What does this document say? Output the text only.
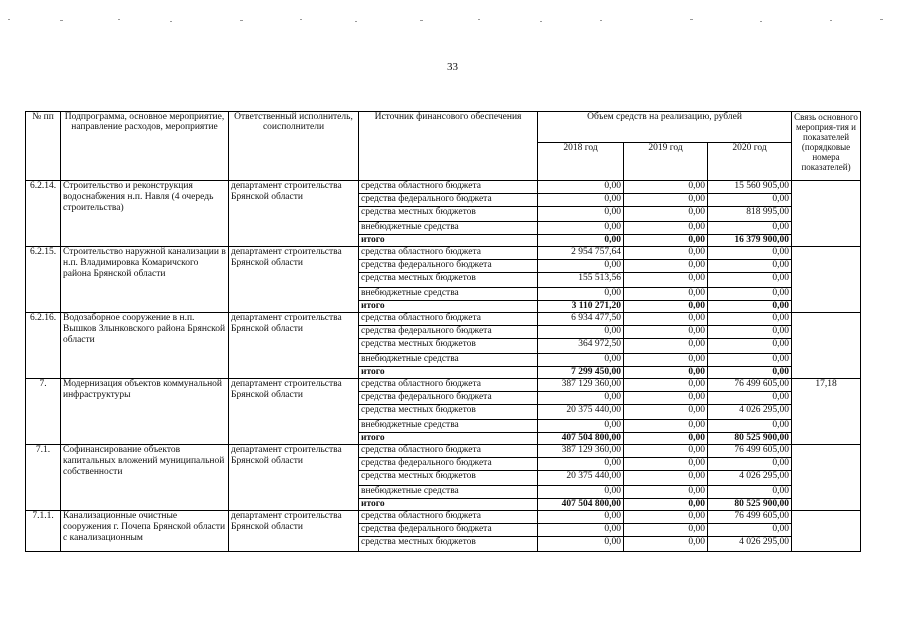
33
№ пп	Подпрограмма, основное мероприятие, направление расходов, мероприятие	Ответственный исполнитель, соисполнители	Источник финансового обеспечения	Объем средств на реализацию, рублей			Связь основного мероприя-тия и показателей (порядковые номера показателей)
				2018 год	2019 год	2020 год	
6.2.14.	Строительство и реконструкция водоснабжения н.п. Навля (4 очередь строительства)	департамент строительства Брянской области	средства областного бюджета	0,00	0,00	15 560 905,00	
			средства федерального бюджета	0,00	0,00	0,00	
			средства местных бюджетов	0,00	0,00	818 995,00	
			внебюджетные средства	0,00	0,00	0,00	
			итого	0,00	0,00	16 379 900,00	
6.2.15.	Строительство наружной канализации в н.п. Владимировка Комаричского района Брянской области	департамент строительства Брянской области	средства областного бюджета	2 954 757,64	0,00	0,00	
			средства федерального бюджета	0,00	0,00	0,00	
			средства местных бюджетов	155 513,56	0,00	0,00	
			внебюджетные средства	0,00	0,00	0,00	
			итого	3 110 271,20	0,00	0,00	
6.2.16.	Водозаборное сооружение в н.п. Вышков Злынковского района Брянской области	департамент строительства Брянской области	средства областного бюджета	6 934 477,50	0,00	0,00	
			средства федерального бюджета	0,00	0,00	0,00	
			средства местных бюджетов	364 972,50	0,00	0,00	
			внебюджетные средства	0,00	0,00	0,00	
			итого	7 299 450,00	0,00	0,00	
7.	Модернизация объектов коммунальной инфраструктуры	департамент строительства Брянской области	средства областного бюджета	387 129 360,00	0,00	76 499 605,00	17,18
			средства федерального бюджета	0,00	0,00	0,00	
			средства местных бюджетов	20 375 440,00	0,00	4 026 295,00	
			внебюджетные средства	0,00	0,00	0,00	
			итого	407 504 800,00	0,00	80 525 900,00	
7.1.	Софинансирование объектов капитальных вложений муниципальной собственности	департамент строительства Брянской области	средства областного бюджета	387 129 360,00	0,00	76 499 605,00	
			средства федерального бюджета	0,00	0,00	0,00	
			средства местных бюджетов	20 375 440,00	0,00	4 026 295,00	
			внебюджетные средства	0,00	0,00	0,00	
			итого	407 504 800,00	0,00	80 525 900,00	
7.1.1.	Канализационные очистные сооружения г. Почепа Брянской области с канализационным	департамент строительства Брянской области	средства областного бюджета	0,00	0,00	76 499 605,00	
			средства федерального бюджета	0,00	0,00	0,00	
			средства местных бюджетов	0,00	0,00	4 026 295,00	
